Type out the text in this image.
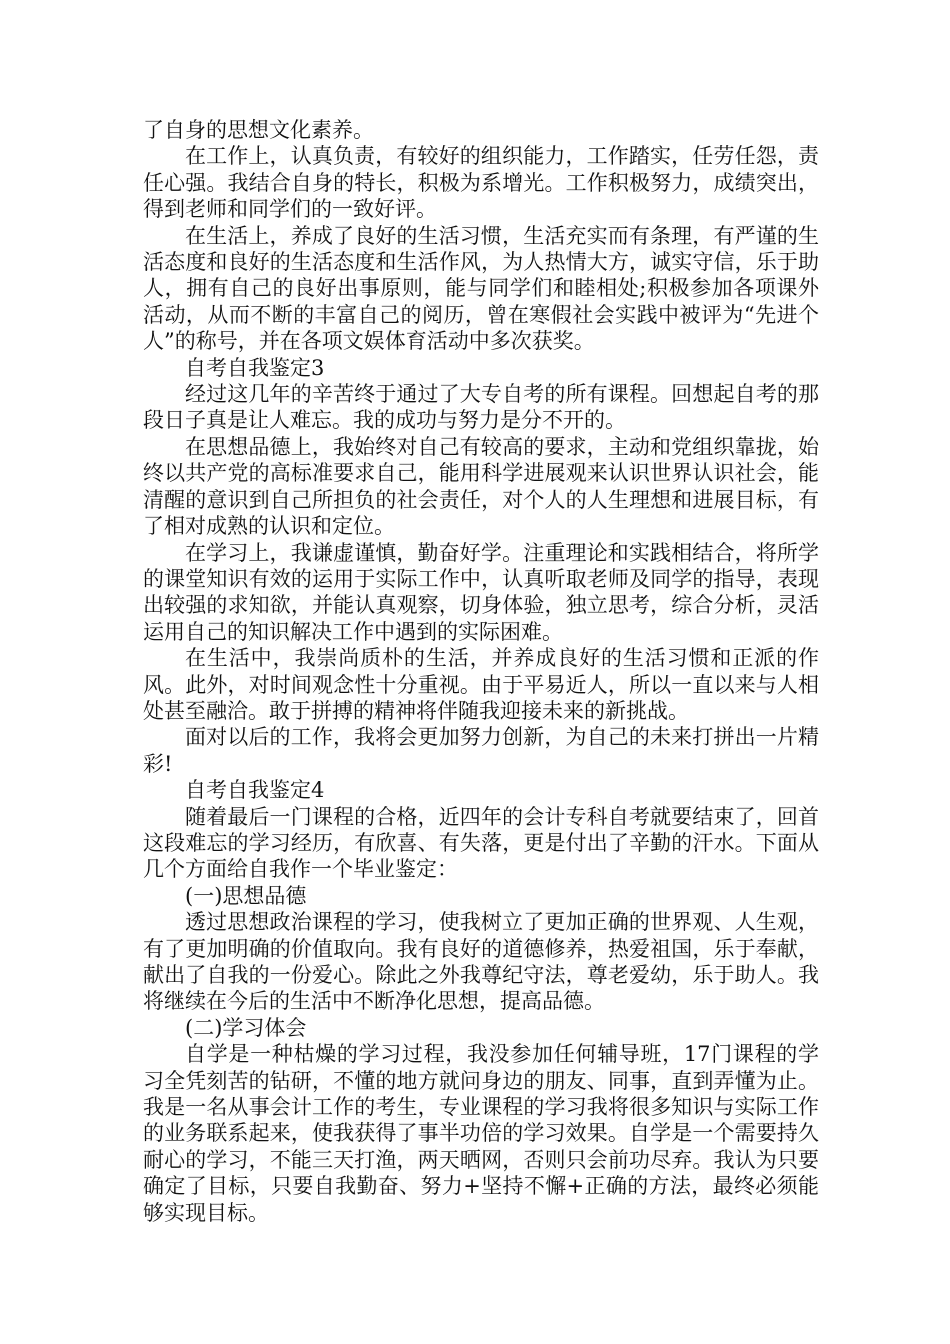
了自身的思想文化素养。

在工作上，认真负责，有较好的组织能力，工作踏实，任劳任怨，责任心强。我结合自身的特长，积极为系增光。工作积极努力，成绩突出，得到老师和同学们的一致好评。

在生活上，养成了良好的生活习惯，生活充实而有条理，有严谨的生活态度和良好的生活态度和生活作风，为人热情大方，诚实守信，乐于助人，拥有自己的良好出事原则，能与同学们和睦相处;积极参加各项课外活动，从而不断的丰富自己的阅历，曾在寒假社会实践中被评为“先进个人”的称号，并在各项文娱体育活动中多次获奖。

自考自我鉴定3

经过这几年的辛苦终于通过了大专自考的所有课程。回想起自考的那段日子真是让人难忘。我的成功与努力是分不开的。

在思想品德上，我始终对自己有较高的要求，主动和党组织靠拢，始终以共产党的高标准要求自己，能用科学进展观来认识世界认识社会，能清醒的意识到自己所担负的社会责任，对个人的人生理想和进展目标，有了相对成熟的认识和定位。

在学习上，我谦虚谨慎，勤奋好学。注重理论和实践相结合，将所学的课堂知识有效的运用于实际工作中，认真听取老师及同学的指导，表现出较强的求知欲，并能认真观察，切身体验，独立思考，综合分析，灵活运用自己的知识解决工作中遇到的实际困难。

在生活中，我崇尚质朴的生活，并养成良好的生活习惯和正派的作风。此外，对时间观念性十分重视。由于平易近人，所以一直以来与人相处甚至融洽。敢于拼搏的精神将伴随我迎接未来的新挑战。

面对以后的工作，我将会更加努力创新，为自己的未来打拼出一片精彩!

自考自我鉴定4

随着最后一门课程的合格，近四年的会计专科自考就要结束了，回首这段难忘的学习经历，有欣喜、有失落，更是付出了辛勤的汗水。下面从几个方面给自我作一个毕业鉴定：

(一)思想品德

透过思想政治课程的学习，使我树立了更加正确的世界观、人生观，有了更加明确的价值取向。我有良好的道德修养，热爱祖国，乐于奉献，献出了自我的一份爱心。除此之外我尊纪守法，尊老爱幼，乐于助人。我将继续在今后的生活中不断净化思想，提高品德。

(二)学习体会

自学是一种枯燥的学习过程，我没参加任何辅导班，17门课程的学习全凭刻苦的钻研，不懂的地方就问身边的朋友、同事，直到弄懂为止。我是一名从事会计工作的考生，专业课程的学习我将很多知识与实际工作的业务联系起来，使我获得了事半功倍的学习效果。自学是一个需要持久耐心的学习，不能三天打渔，两天晒网，否则只会前功尽弃。我认为只要确定了目标，只要自我勤奋、努力+坚持不懈+正确的方法，最终必须能够实现目标。
